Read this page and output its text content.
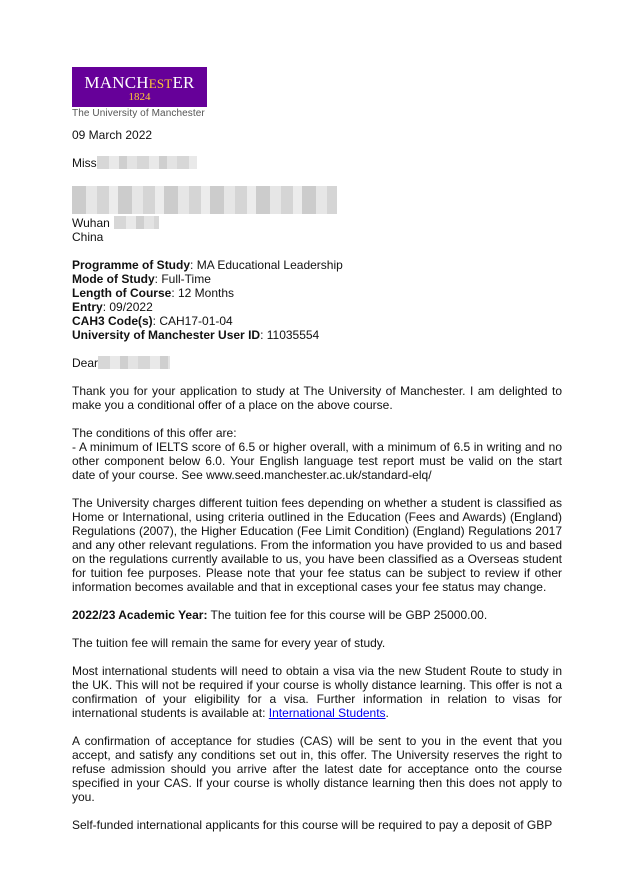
MANCHESTER
1824
The University of Manchester

09 March 2022

Miss

Wuhan
China
Programme of Study: MA Educational Leadership
Mode of Study: Full-Time
Length of Course: 12 Months
Entry: 09/2022
CAH3 Code(s): CAH17-01-04
University of Manchester User ID: 11035554

Dear

Thank you for your application to study at The University of Manchester. I am delighted to make you a conditional offer of a place on the above course.

The conditions of this offer are:
- A minimum of IELTS score of 6.5 or higher overall, with a minimum of 6.5 in writing and no other component below 6.0. Your English language test report must be valid on the start date of your course. See www.seed.manchester.ac.uk/standard-elq/

The University charges different tuition fees depending on whether a student is classified as Home or International, using criteria outlined in the Education (Fees and Awards) (England) Regulations (2007), the Higher Education (Fee Limit Condition) (England) Regulations 2017 and any other relevant regulations. From the information you have provided to us and based on the regulations currently available to us, you have been classified as a Overseas student for tuition fee purposes. Please note that your fee status can be subject to review if other information becomes available and that in exceptional cases your fee status may change.

2022/23 Academic Year: The tuition fee for this course will be GBP 25000.00.

The tuition fee will remain the same for every year of study.

Most international students will need to obtain a visa via the new Student Route to study in the UK. This will not be required if your course is wholly distance learning. This offer is not a confirmation of your eligibility for a visa. Further information in relation to visas for international students is available at: International Students.

A confirmation of acceptance for studies (CAS) will be sent to you in the event that you accept, and satisfy any conditions set out in, this offer. The University reserves the right to refuse admission should you arrive after the latest date for acceptance onto the course specified in your CAS. If your course is wholly distance learning then this does not apply to you.

Self-funded international applicants for this course will be required to pay a deposit of GBP
